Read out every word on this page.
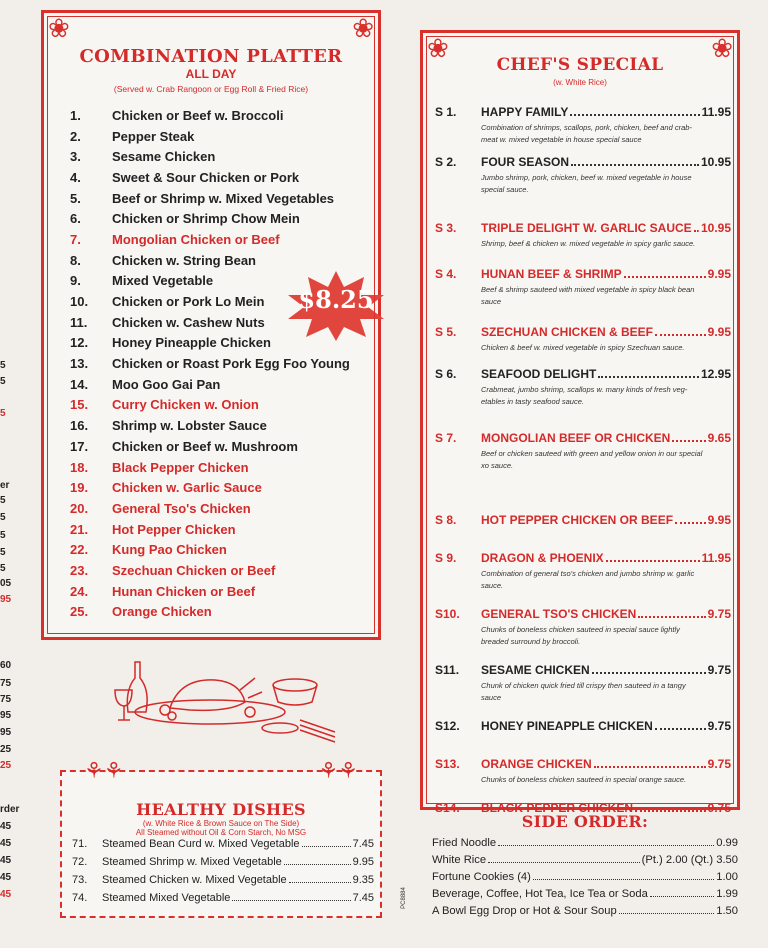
5
5
5
er
5
5
5
5
5
05
95
60
75
75
95
95
25
25
rder
45
45
45
45
45
❀	❀
COMBINATION PLATTER
ALL DAY
(Served w. Crab Rangoon or Egg Roll & Fried Rice)
1.	Chicken or Beef w. Broccoli
2.	Pepper Steak
3.	Sesame Chicken
4.	Sweet & Sour Chicken or Pork
5.	Beef or Shrimp w. Mixed Vegetables
6.	Chicken or Shrimp Chow Mein
7.	Mongolian Chicken or Beef
8.	Chicken w. String Bean
9.	Mixed Vegetable
10.	Chicken or Pork Lo Mein
11.	Chicken w. Cashew Nuts
12.	Honey Pineapple Chicken
13.	Chicken or Roast Pork Egg Foo Young
14.	Moo Goo Gai Pan
15.	Curry Chicken w. Onion
16.	Shrimp w. Lobster Sauce
17.	Chicken or Beef w. Mushroom
18.	Black Pepper Chicken
19.	Chicken w. Garlic Sauce
20.	General Tso's Chicken
21.	Hot Pepper Chicken
22.	Kung Pao Chicken
23.	Szechuan Chicken or Beef
24.	Hunan Chicken or Beef
25.	Orange Chicken
$8.25
⚘⚘	⚘⚘
HEALTHY DISHES
(w. White Rice & Brown Sauce on The Side)
All Steamed without Oil & Corn Starch, No MSG
71.	Steamed Bean Curd w. Mixed Vegetable	7.45
72.	Steamed Shrimp w. Mixed Vegetable	9.95
73.	Steamed Chicken w. Mixed Vegetable	9.35
74.	Steamed Mixed Vegetable	7.45	PC8884
❀	❀
CHEF'S SPECIAL
(w. White Rice)
S 1.	HAPPY FAMILY	11.95
Combination of shrimps, scallops, pork, chicken, beef and crab-meat w. mixed vegetable in house special sauce
S 2.	FOUR SEASON	10.95
Jumbo shrimp, pork, chicken, beef w. mixed vegetable in house special sauce.
S 3.	TRIPLE DELIGHT W. GARLIC SAUCE 10.95
Shrimp, beef & chicken w. mixed vegetable in spicy garlic sauce.
S 4.	HUNAN BEEF & SHRIMP	9.95
Beef & shrimp sauteed with mixed vegetable in spicy black bean sauce
S 5.	SZECHUAN CHICKEN & BEEF	9.95
Chicken & beef w. mixed vegetable in spicy Szechuan sauce.
S 6.	SEAFOOD DELIGHT	12.95
Crabmeat, jumbo shrimp, scallops w. many kinds of fresh veg-etables in tasty seafood sauce.
S 7.	MONGOLIAN BEEF OR CHICKEN	9.65
Beef or chicken sauteed with green and yellow onion in our special xo sauce.
S 8.	HOT PEPPER CHICKEN OR BEEF	9.95
S 9.	DRAGON & PHOENIX	11.95
Combination of general tso's chicken and jumbo shrimp w. garlic sauce.
S10.	GENERAL TSO'S CHICKEN	9.75
Chunks of boneless chicken sauteed in special sauce lightly breaded surround by broccoli.
S11.	SESAME CHICKEN	9.75
Chunk of chicken quick fried till crispy then sauteed in a tangy sauce
S12.	HONEY PINEAPPLE CHICKEN	9.75
S13.	ORANGE CHICKEN	9.75
Chunks of boneless chicken sauteed in special orange sauce.
S14.	BLACK PEPPER CHICKEN	9.75
SIDE ORDER:
Fried Noodle	0.99
White Rice	(Pt.) 2.00 (Qt.) 3.50
Fortune Cookies (4)	1.00
Beverage, Coffee, Hot Tea, Ice Tea or Soda	1.99
A Bowl Egg Drop or Hot & Sour Soup	1.50
